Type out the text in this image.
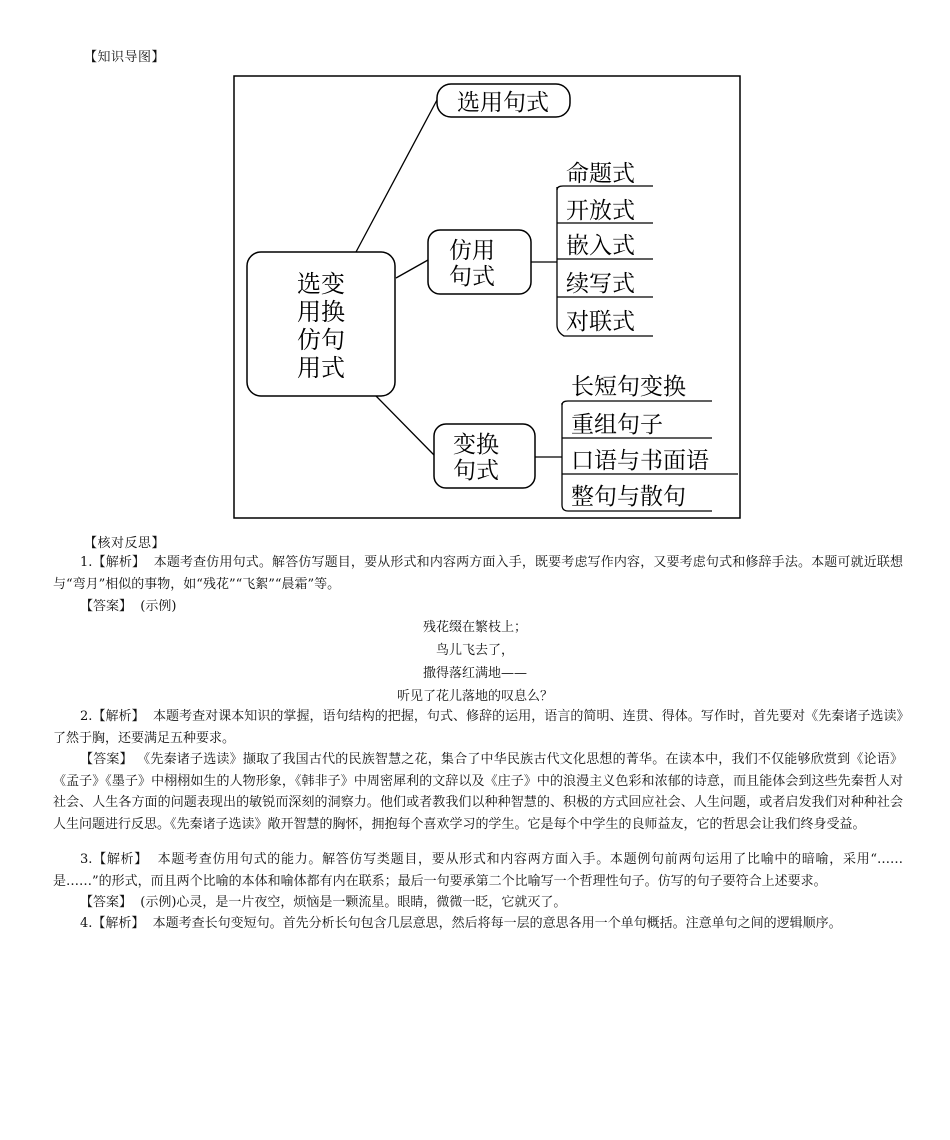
【知识导图】
选变
用换
仿句
用式
选用句式
仿用
句式
命题式
开放式
嵌入式
续写式
对联式
变换
句式
长短句变换
重组句子
口语与书面语
整句与散句
【核对反思】
1.【解析】 本题考查仿用句式。解答仿写题目，要从形式和内容两方面入手，既要考虑写作内容，又要考虑句式和修辞手法。本题可就近联想与“弯月”相似的事物，如“残花”“飞絮”“晨霜”等。
【答案】 (示例)
残花缀在繁枝上；
鸟儿飞去了，
撒得落红满地——
听见了花儿落地的叹息么？
2.【解析】 本题考查对课本知识的掌握，语句结构的把握，句式、修辞的运用，语言的简明、连贯、得体。写作时，首先要对《先秦诸子选读》了然于胸，还要满足五种要求。
【答案】 《先秦诸子选读》撷取了我国古代的民族智慧之花，集合了中华民族古代文化思想的菁华。在读本中，我们不仅能够欣赏到《论语》《孟子》《墨子》中栩栩如生的人物形象，《韩非子》中周密犀利的文辞以及《庄子》中的浪漫主义色彩和浓郁的诗意，而且能体会到这些先秦哲人对社会、人生各方面的问题表现出的敏锐而深刻的洞察力。他们或者教我们以种种智慧的、积极的方式回应社会、人生问题，或者启发我们对种种社会人生问题进行反思。《先秦诸子选读》敞开智慧的胸怀，拥抱每个喜欢学习的学生。它是每个中学生的良师益友，它的哲思会让我们终身受益。
3.【解析】 本题考查仿用句式的能力。解答仿写类题目，要从形式和内容两方面入手。本题例句前两句运用了比喻中的暗喻，采用“……是……”的形式，而且两个比喻的本体和喻体都有内在联系；最后一句要承第二个比喻写一个哲理性句子。仿写的句子要符合上述要求。
【答案】 (示例)心灵，是一片夜空，烦恼是一颗流星。眼睛，微微一眨，它就灭了。
4.【解析】 本题考查长句变短句。首先分析长句包含几层意思，然后将每一层的意思各用一个单句概括。注意单句之间的逻辑顺序。
